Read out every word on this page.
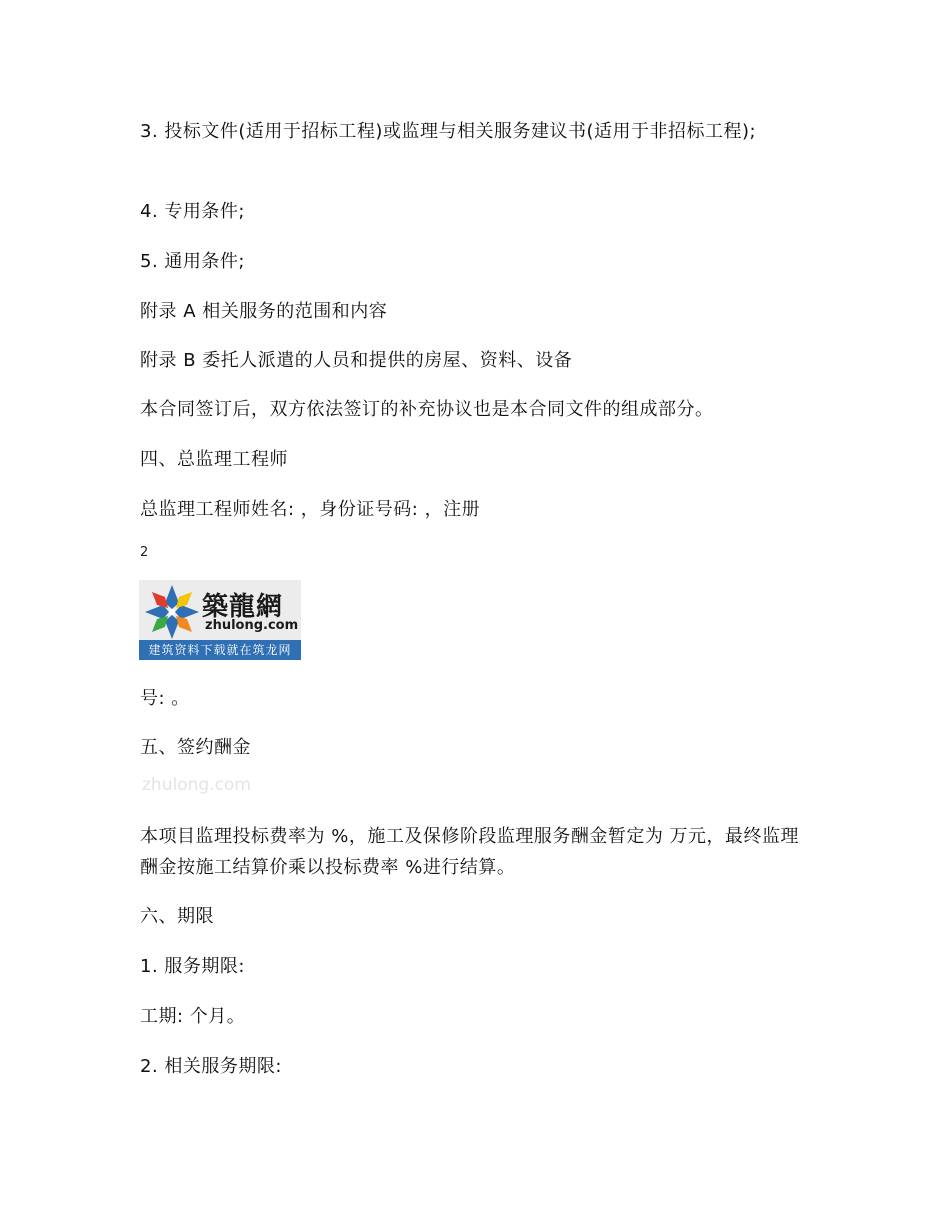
3. 投标文件(适用于招标工程)或监理与相关服务建议书(适用于非招标工程);

4. 专用条件;

5. 通用条件;

附录 A 相关服务的范围和内容

附录 B 委托人派遣的人员和提供的房屋、资料、设备

本合同签订后，双方依法签订的补充协议也是本合同文件的组成部分。

四、总监理工程师

总监理工程师姓名: ，身份证号码: ，注册

2
築龍網
zhulong.com
建筑资料下载就在筑龙网

号: 。

五、签约酬金

zhulong.com

本项目监理投标费率为 %，施工及保修阶段监理服务酬金暂定为 万元，最终监理酬金按施工结算价乘以投标费率 %进行结算。

六、期限

1. 服务期限:

工期: 个月。

2. 相关服务期限:
